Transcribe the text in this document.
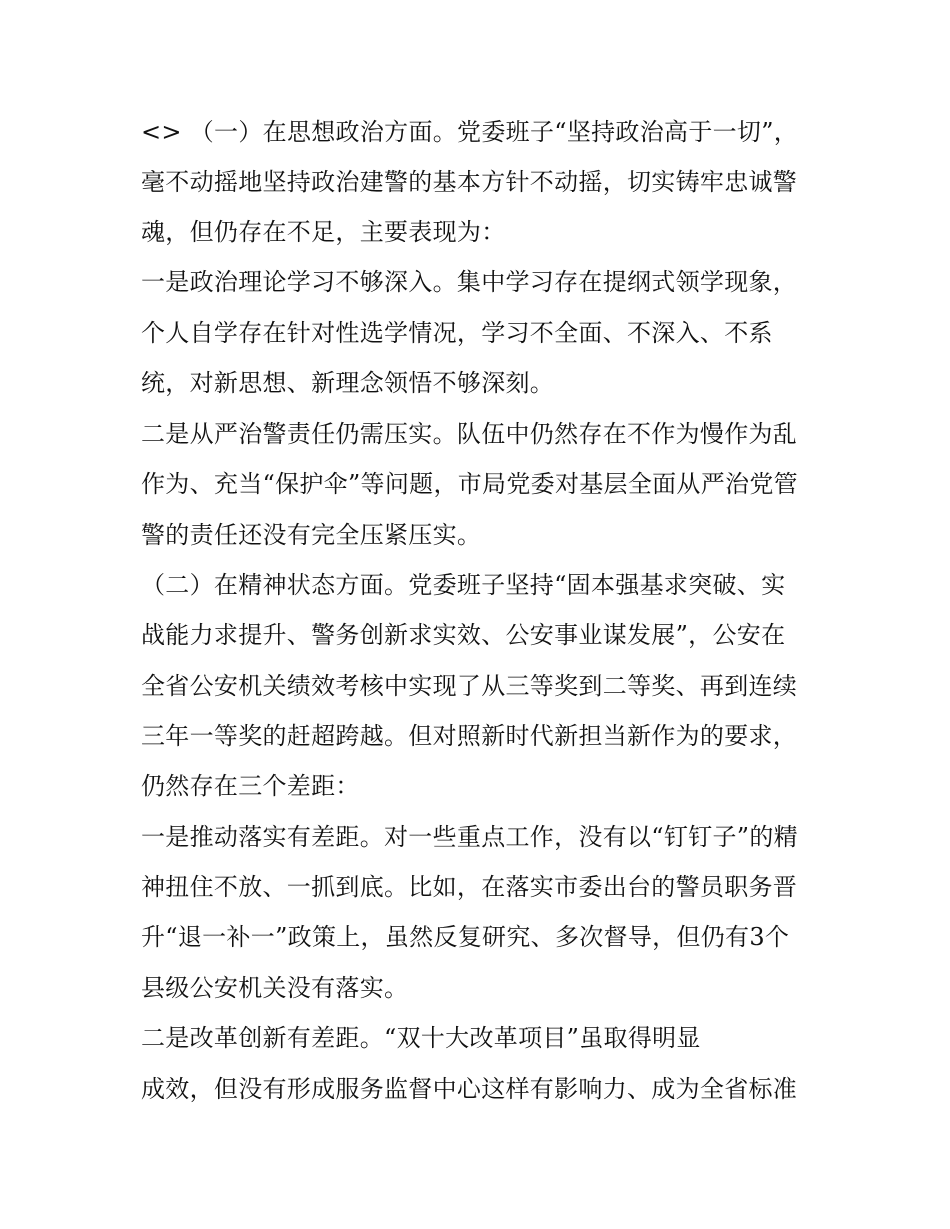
<> （一）在思想政治方面。党委班子“坚持政治高于一切”，
毫不动摇地坚持政治建警的基本方针不动摇，切实铸牢忠诚警
魂，但仍存在不足，主要表现为：
一是政治理论学习不够深入。集中学习存在提纲式领学现象，
个人自学存在针对性选学情况，学习不全面、不深入、不系
统，对新思想、新理念领悟不够深刻。
二是从严治警责任仍需压实。队伍中仍然存在不作为慢作为乱
作为、充当“保护伞”等问题，市局党委对基层全面从严治党管
警的责任还没有完全压紧压实。
（二）在精神状态方面。党委班子坚持“固本强基求突破、实
战能力求提升、警务创新求实效、公安事业谋发展”，公安在
全省公安机关绩效考核中实现了从三等奖到二等奖、再到连续
三年一等奖的赶超跨越。但对照新时代新担当新作为的要求，
仍然存在三个差距：
一是推动落实有差距。对一些重点工作，没有以“钉钉子”的精
神扭住不放、一抓到底。比如，在落实市委出台的警员职务晋
升“退一补一”政策上，虽然反复研究、多次督导，但仍有3个
县级公安机关没有落实。
二是改革创新有差距。“双十大改革项目”虽取得明显
成效，但没有形成服务监督中心这样有影响力、成为全省标准
